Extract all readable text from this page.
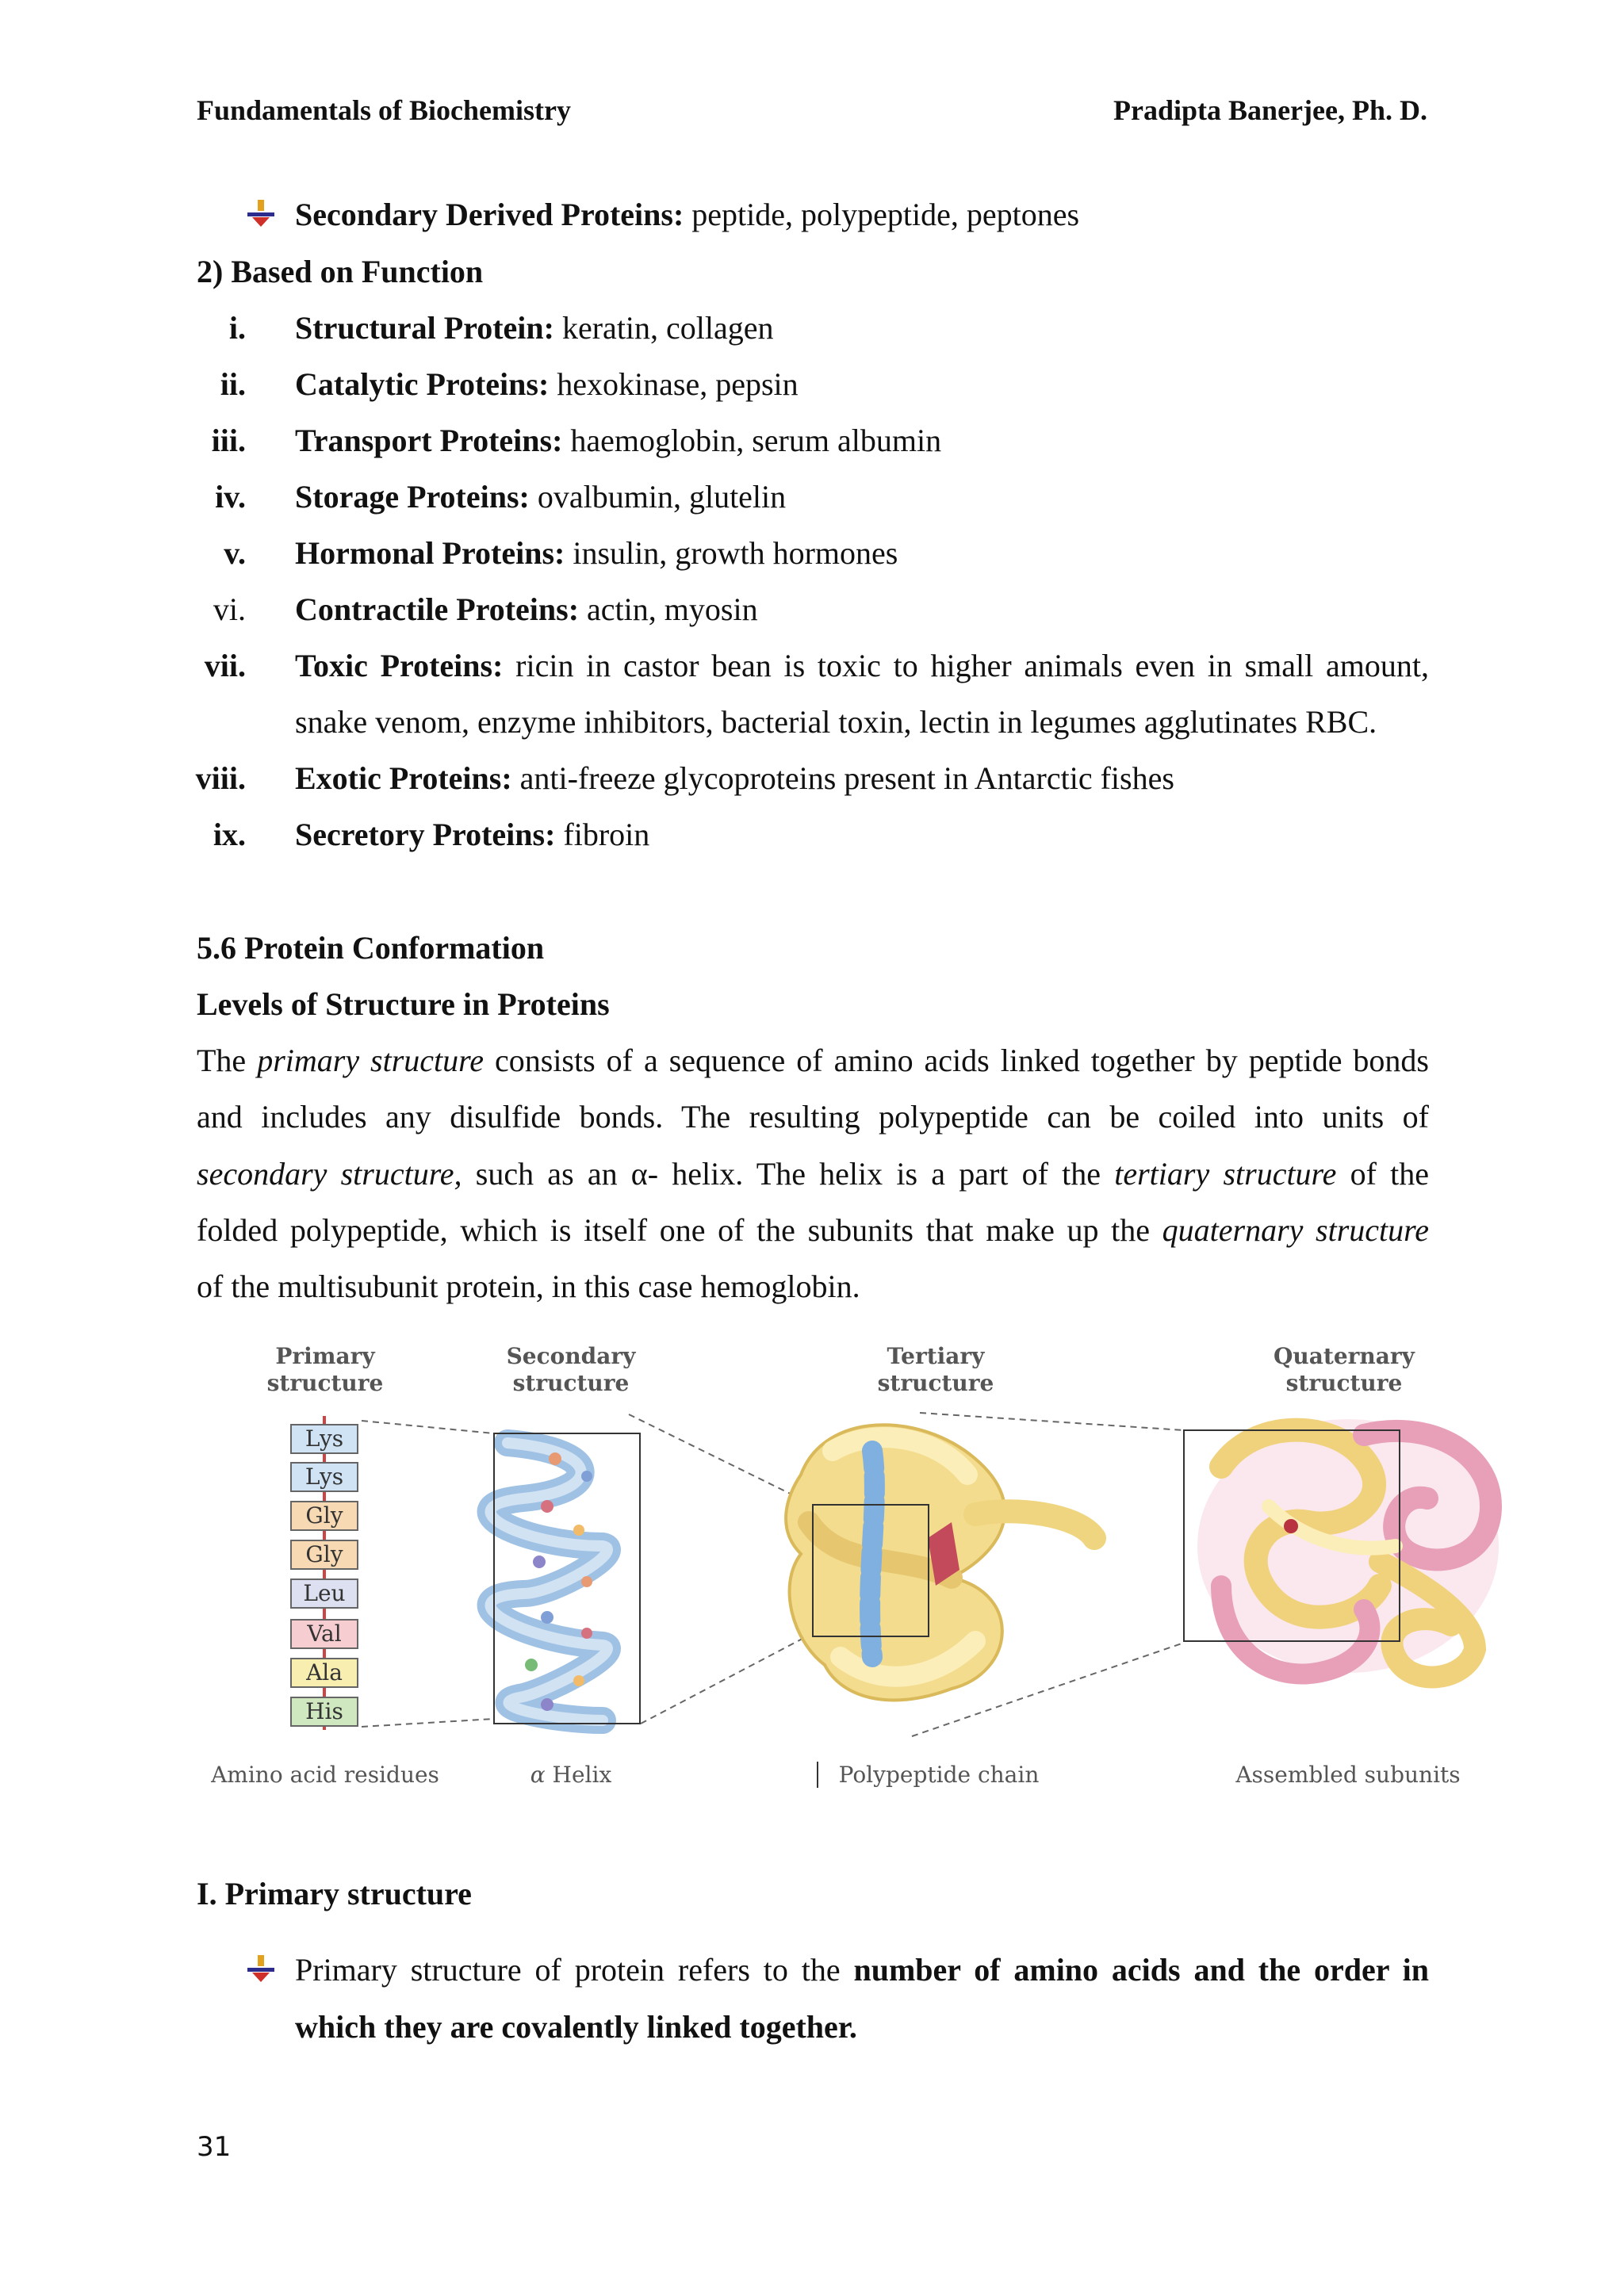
Fundamentals of Biochemistry	Pradipta Banerjee, Ph. D.
Secondary Derived Proteins: peptide, polypeptide, peptones
2) Based on Function
i. Structural Protein: keratin, collagen
ii. Catalytic Proteins: hexokinase, pepsin
iii. Transport Proteins: haemoglobin, serum albumin
iv. Storage Proteins: ovalbumin, glutelin
v. Hormonal Proteins: insulin, growth hormones
vi. Contractile Proteins: actin, myosin
vii. Toxic Proteins: ricin in castor bean is toxic to higher animals even in small amount,
snake venom, enzyme inhibitors, bacterial toxin, lectin in legumes agglutinates RBC.
viii. Exotic Proteins: anti-freeze glycoproteins present in Antarctic fishes
ix. Secretory Proteins: fibroin
5.6 Protein Conformation
Levels of Structure in Proteins
The primary structure consists of a sequence of amino acids linked together by peptide bonds
and includes any disulfide bonds. The resulting polypeptide can be coiled into units of
secondary structure, such as an α- helix. The helix is a part of the tertiary structure of the
folded polypeptide, which is itself one of the subunits that make up the quaternary structure
of the multisubunit protein, in this case hemoglobin.
Primary
structure
Secondary
structure
Tertiary
structure
Quaternary
structure
Lys
Lys
Gly
Gly
Leu
Val
Ala
His
Amino acid residues	α Helix	Polypeptide chain	Assembled subunits
I. Primary structure
Primary structure of protein refers to the number of amino acids and the order in
which they are covalently linked together.
31
